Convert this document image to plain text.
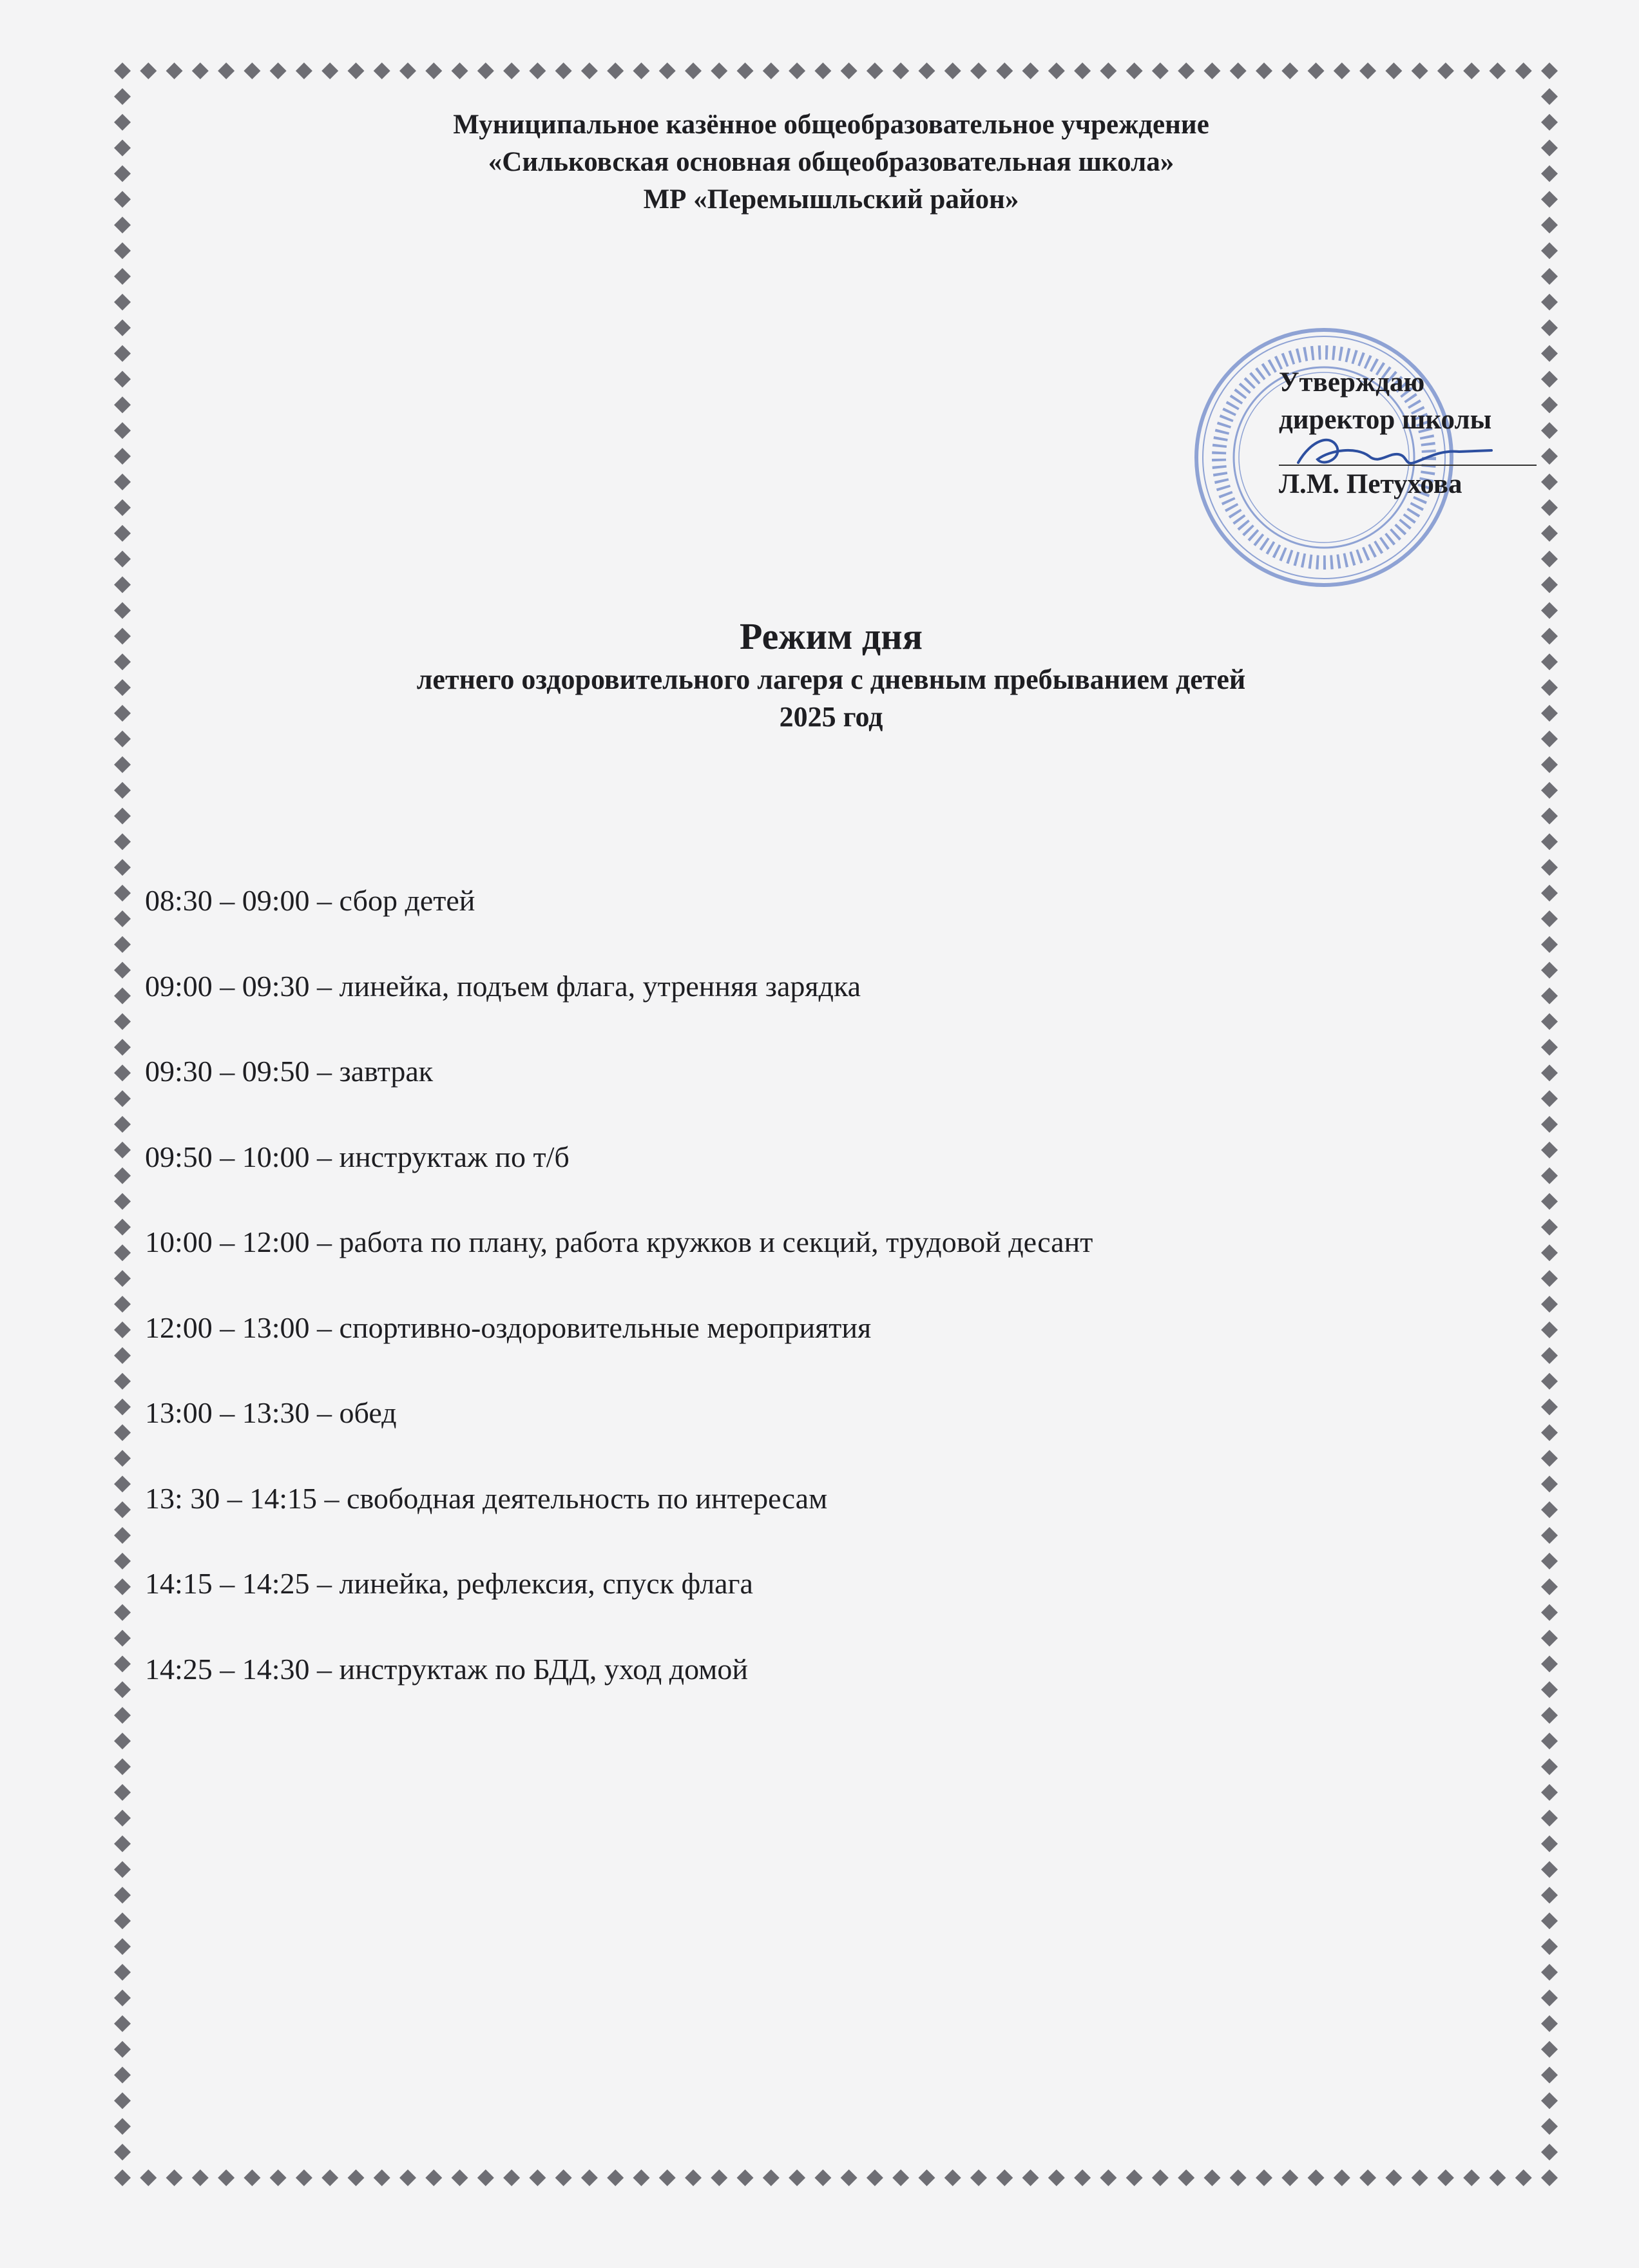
Муниципальное казённое общеобразовательное учреждение
«Сильковская основная общеобразовательная школа»
МР «Перемышльский район»
Утверждаю
директор школы
Л.М. Петухова
Режим дня
летнего оздоровительного лагеря с дневным пребыванием детей
2025 год
08:30 – 09:00 – сбор детей
09:00 – 09:30 – линейка, подъем флага, утренняя зарядка
09:30 – 09:50 – завтрак
09:50 – 10:00 – инструктаж по т/б
10:00 – 12:00 – работа по плану, работа кружков и секций, трудовой десант
12:00 – 13:00 – спортивно-оздоровительные мероприятия
13:00 – 13:30 – обед
13: 30 – 14:15 – свободная деятельность по интересам
14:15 – 14:25 – линейка, рефлексия, спуск флага
14:25 – 14:30 – инструктаж по БДД, уход домой
